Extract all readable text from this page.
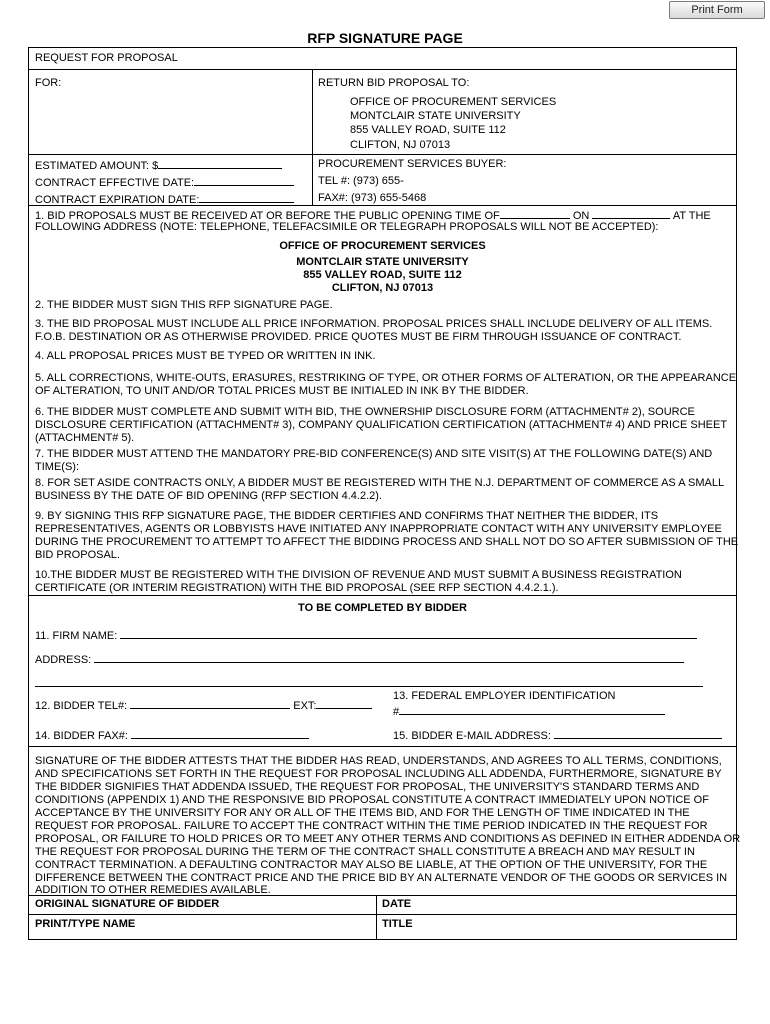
Print Form
RFP SIGNATURE PAGE
REQUEST FOR PROPOSAL
FOR:	RETURN BID PROPOSAL TO:
OFFICE OF PROCUREMENT SERVICES
MONTCLAIR STATE UNIVERSITY
855 VALLEY ROAD, SUITE 112
CLIFTON, NJ 07013
ESTIMATED AMOUNT: $
CONTRACT EFFECTIVE DATE:
CONTRACT EXPIRATION DATE:
PROCUREMENT SERVICES BUYER:
TEL #: (973) 655-
FAX#: (973) 655-5468
1. BID PROPOSALS MUST BE RECEIVED AT OR BEFORE THE PUBLIC OPENING TIME OF	ON	AT THE
FOLLOWING ADDRESS (NOTE: TELEPHONE, TELEFACSIMILE OR TELEGRAPH PROPOSALS WILL NOT BE ACCEPTED):
OFFICE OF PROCUREMENT SERVICES
MONTCLAIR STATE UNIVERSITY
855 VALLEY ROAD, SUITE 112
CLIFTON, NJ 07013
2. THE BIDDER MUST SIGN THIS RFP SIGNATURE PAGE.
3. THE BID PROPOSAL MUST INCLUDE ALL PRICE INFORMATION. PROPOSAL PRICES SHALL INCLUDE DELIVERY OF ALL ITEMS.
F.O.B. DESTINATION OR AS OTHERWISE PROVIDED. PRICE QUOTES MUST BE FIRM THROUGH ISSUANCE OF CONTRACT.
4. ALL PROPOSAL PRICES MUST BE TYPED OR WRITTEN IN INK.
5. ALL CORRECTIONS, WHITE-OUTS, ERASURES, RESTRIKING OF TYPE, OR OTHER FORMS OF ALTERATION, OR THE APPEARANCE
OF ALTERATION, TO UNIT AND/OR TOTAL PRICES MUST BE INITIALED IN INK BY THE BIDDER.
6. THE BIDDER MUST COMPLETE AND SUBMIT WITH BID, THE OWNERSHIP DISCLOSURE FORM (ATTACHMENT# 2), SOURCE
DISCLOSURE CERTIFICATION (ATTACHMENT# 3), COMPANY QUALIFICATION CERTIFICATION (ATTACHMENT# 4) AND PRICE SHEET
(ATTACHMENT# 5).
7. THE BIDDER MUST ATTEND THE MANDATORY PRE-BID CONFERENCE(S) AND SITE VISIT(S) AT THE FOLLOWING DATE(S) AND
TIME(S):
8. FOR SET ASIDE CONTRACTS ONLY, A BIDDER MUST BE REGISTERED WITH THE N.J. DEPARTMENT OF COMMERCE AS A SMALL
BUSINESS BY THE DATE OF BID OPENING (RFP SECTION 4.4.2.2).
9. BY SIGNING THIS RFP SIGNATURE PAGE, THE BIDDER CERTIFIES AND CONFIRMS THAT NEITHER THE BIDDER, ITS
REPRESENTATIVES, AGENTS OR LOBBYISTS HAVE INITIATED ANY INAPPROPRIATE CONTACT WITH ANY UNIVERSITY EMPLOYEE
DURING THE PROCUREMENT TO ATTEMPT TO AFFECT THE BIDDING PROCESS AND SHALL NOT DO SO AFTER SUBMISSION OF THE
BID PROPOSAL.
10.THE BIDDER MUST BE REGISTERED WITH THE DIVISION OF REVENUE AND MUST SUBMIT A BUSINESS REGISTRATION
CERTIFICATE (OR INTERIM REGISTRATION) WITH THE BID PROPOSAL (SEE RFP SECTION 4.4.2.1.).
TO BE COMPLETED BY BIDDER
11. FIRM NAME:
ADDRESS:
12. BIDDER TEL#:	EXT:
13. FEDERAL EMPLOYER IDENTIFICATION
#
14. BIDDER FAX#:	15. BIDDER E-MAIL ADDRESS:
SIGNATURE OF THE BIDDER ATTESTS THAT THE BIDDER HAS READ, UNDERSTANDS, AND AGREES TO ALL TERMS, CONDITIONS,
AND SPECIFICATIONS SET FORTH IN THE REQUEST FOR PROPOSAL INCLUDING ALL ADDENDA, FURTHERMORE, SIGNATURE BY
THE BIDDER SIGNIFIES THAT ADDENDA ISSUED, THE REQUEST FOR PROPOSAL, THE UNIVERSITY'S STANDARD TERMS AND
CONDITIONS (APPENDIX 1) AND THE RESPONSIVE BID PROPOSAL CONSTITUTE A CONTRACT IMMEDIATELY UPON NOTICE OF
ACCEPTANCE BY THE UNIVERSITY FOR ANY OR ALL OF THE ITEMS BID, AND FOR THE LENGTH OF TIME INDICATED IN THE
REQUEST FOR PROPOSAL. FAILURE TO ACCEPT THE CONTRACT WITHIN THE TIME PERIOD INDICATED IN THE REQUEST FOR
PROPOSAL, OR FAILURE TO HOLD PRICES OR TO MEET ANY OTHER TERMS AND CONDITIONS AS DEFINED IN EITHER ADDENDA OR
THE REQUEST FOR PROPOSAL DURING THE TERM OF THE CONTRACT SHALL CONSTITUTE A BREACH AND MAY RESULT IN
CONTRACT TERMINATION. A DEFAULTING CONTRACTOR MAY ALSO BE LIABLE, AT THE OPTION OF THE UNIVERSITY, FOR THE
DIFFERENCE BETWEEN THE CONTRACT PRICE AND THE PRICE BID BY AN ALTERNATE VENDOR OF THE GOODS OR SERVICES IN
ADDITION TO OTHER REMEDIES AVAILABLE.
ORIGINAL SIGNATURE OF BIDDER	DATE
PRINT/TYPE NAME	TITLE
